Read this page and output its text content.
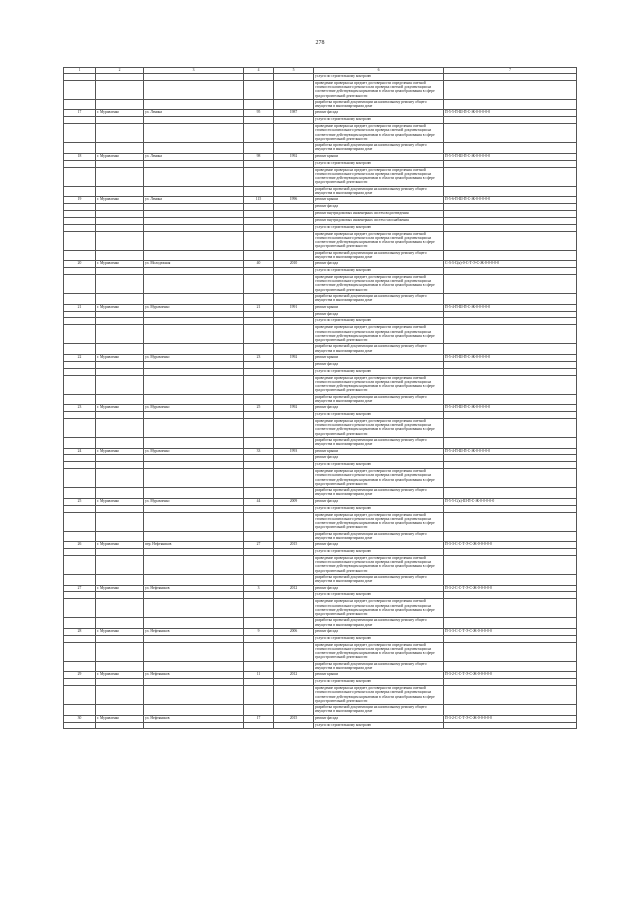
278
1	2	3	4	5	6	7
					услуги по строительному контролю	
					проведение проверки на предмет достоверности определения сметной стоимости капитального ремонта или проверка сметной документации на соответствие действующим нормативам в области ценообразования в сфере градостроительной деятельности	
					разработка проектной документации на капитальному ремонту общего имущества в многоквартирном доме	
17	г. Муравленко	ул. Ленина	95	1987	ремонт фасада	П-5-5-П-Ш-П-С-Ж-0-0-0-0-0
					услуги по строительному контролю	
					проведение проверки на предмет достоверности определения сметной стоимости капитального ремонта или проверка сметной документации на соответствие действующим нормативам в области ценообразования в сфере градостроительной деятельности	
					разработка проектной документации на капитальному ремонту общего имущества в многоквартирном доме	
18	г. Муравленко	ул. Ленина	98	1992	ремонт крыши	П-5-5-П-Ш-П-С-Ж-0-0-0-0-0
					услуги по строительному контролю	
					проведение проверки на предмет достоверности определения сметной стоимости капитального ремонта или проверка сметной документации на соответствие действующим нормативам в области ценообразования в сфере градостроительной деятельности	
					разработка проектной документации на капитальному ремонту общего имущества в многоквартирном доме	
19	г. Муравленко	ул. Ленина	115	1996	ремонт крыши	П-5-6-П-Ш-П-С-Ж-0-0-0-0-0
					ремонт фасада	
					ремонт внутридомовых инженерных систем водоотведения	
					ремонт внутридомовых инженерных систем газоснабжения	
					услуги по строительному контролю	
					проведение проверки на предмет достоверности определения сметной стоимости капитального ремонта или проверка сметной документации на соответствие действующим нормативам в области ценообразования в сфере градостроительной деятельности	
					разработка проектной документации на капитальному ремонту общего имущества в многоквартирном доме	
20	г. Муравленко	ул. Молодежная	40	2010	ремонт фасада	С-3-3-С(к)-0-С-Т-Э-С-Ж-0-0-0-0-0
					услуги по строительному контролю	
					проведение проверки на предмет достоверности определения сметной стоимости капитального ремонта или проверка сметной документации на соответствие действующим нормативам в области ценообразования в сфере градостроительной деятельности	
					разработка проектной документации на капитальному ремонту общего имущества в многоквартирном доме	
21	г. Муравленко	ул. Муравленко	21	1991	ремонт крыши	П-5-4-П-Ш-П-С-Ж-0-0-0-0-0
					ремонт фасада	
					услуги по строительному контролю	
					проведение проверки на предмет достоверности определения сметной стоимости капитального ремонта или проверка сметной документации на соответствие действующим нормативам в области ценообразования в сфере градостроительной деятельности	
					разработка проектной документации на капитальному ремонту общего имущества в многоквартирном доме	
22	г. Муравленко	ул. Муравленко	23	1992	ремонт крыши	П-5-4-П-Ш-П-С-Ж-0-0-0-0-0
					ремонт фасада	
					услуги по строительному контролю	
					проведение проверки на предмет достоверности определения сметной стоимости капитального ремонта или проверка сметной документации на соответствие действующим нормативам в области ценообразования в сфере градостроительной деятельности	
					разработка проектной документации на капитальному ремонту общего имущества в многоквартирном доме	
23	г. Муравленко	ул. Муравленко	25	1992	ремонт фасада	П-5-4-П-Ш-П-С-Ж-0-0-0-0-0
					услуги по строительному контролю	
					проведение проверки на предмет достоверности определения сметной стоимости капитального ремонта или проверка сметной документации на соответствие действующим нормативам в области ценообразования в сфере градостроительной деятельности	
					разработка проектной документации на капитальному ремонту общего имущества в многоквартирном доме	
24	г. Муравленко	ул. Муравленко	33	1993	ремонт крыши	П-5-4-П-Ш-П-С-Ж-0-0-0-0-0
					ремонт фасада	
					услуги по строительному контролю	
					проведение проверки на предмет достоверности определения сметной стоимости капитального ремонта или проверка сметной документации на соответствие действующим нормативам в области ценообразования в сфере градостроительной деятельности	
					разработка проектной документации на капитальному ремонту общего имущества в многоквартирном доме	
25	г. Муравленко	ул. Муравленко	44	2009	ремонт фасада	П-5-5-С(к)-Ш-П-С-Ж-0-0-0-0-0
					услуги по строительному контролю	
					проведение проверки на предмет достоверности определения сметной стоимости капитального ремонта или проверка сметной документации на соответствие действующим нормативам в области ценообразования в сфере градостроительной деятельности	
					разработка проектной документации на капитальному ремонту общего имущества в многоквартирном доме	
26	г. Муравленко	пер. Нефтяников	27	2015	ремонт фасада	П-3-3-С-С-Т-Э-С-Ж-0-0-0-0-0
					услуги по строительному контролю	
					проведение проверки на предмет достоверности определения сметной стоимости капитального ремонта или проверка сметной документации на соответствие действующим нормативам в области ценообразования в сфере градостроительной деятельности	
					разработка проектной документации на капитальному ремонту общего имущества в многоквартирном доме	
27	г. Муравленко	ул. Нефтяников	3	2012	ремонт фасада	П-3-2-С-С-Т-Э-С-Ж-0-0-0-0-0
					услуги по строительному контролю	
					проведение проверки на предмет достоверности определения сметной стоимости капитального ремонта или проверка сметной документации на соответствие действующим нормативам в области ценообразования в сфере градостроительной деятельности	
					разработка проектной документации на капитальному ремонту общего имущества в многоквартирном доме	
28	г. Муравленко	ул. Нефтяников	9	2006	ремонт фасада	П-3-3-С-С-Т-Э-С-Ж-0-0-0-0-0
					услуги по строительному контролю	
					проведение проверки на предмет достоверности определения сметной стоимости капитального ремонта или проверка сметной документации на соответствие действующим нормативам в области ценообразования в сфере градостроительной деятельности	
					разработка проектной документации на капитальному ремонту общего имущества в многоквартирном доме	
29	г. Муравленко	ул. Нефтяников	11	2012	ремонт крыши	П-3-2-С-С-Т-Э-С-Ж-0-0-0-0-0
					услуги по строительному контролю	
					проведение проверки на предмет достоверности определения сметной стоимости капитального ремонта или проверка сметной документации на соответствие действующим нормативам в области ценообразования в сфере градостроительной деятельности	
					разработка проектной документации на капитальному ремонту общего имущества в многоквартирном доме	
30	г. Муравленко	ул. Нефтяников	17	2015	ремонт фасада	П-3-2-С-С-Т-Э-С-Ж-0-0-0-0-0
					услуги по строительному контролю	
